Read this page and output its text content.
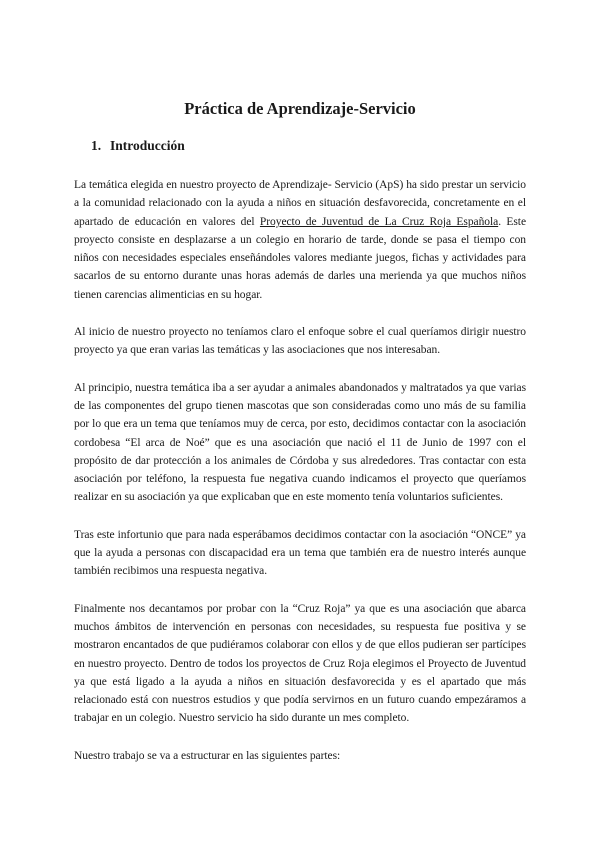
Práctica de Aprendizaje-Servicio
1. Introducción

La temática elegida en nuestro proyecto de Aprendizaje- Servicio (ApS) ha sido prestar un servicio a la comunidad relacionado con la ayuda a niños en situación desfavorecida, concretamente en el apartado de educación en valores del Proyecto de Juventud de La Cruz Roja Española. Este proyecto consiste en desplazarse a un colegio en horario de tarde, donde se pasa el tiempo con niños con necesidades especiales enseñándoles valores mediante juegos, fichas y actividades para sacarlos de su entorno durante unas horas además de darles una merienda ya que muchos niños tienen carencias alimenticias en su hogar.

Al inicio de nuestro proyecto no teníamos claro el enfoque sobre el cual queríamos dirigir nuestro proyecto ya que eran varias las temáticas y las asociaciones que nos interesaban.

Al principio, nuestra temática iba a ser ayudar a animales abandonados y maltratados ya que varias de las componentes del grupo tienen mascotas que son consideradas como uno más de su familia por lo que era un tema que teníamos muy de cerca, por esto, decidimos contactar con la asociación cordobesa “El arca de Noé” que es una asociación que nació el 11 de Junio de 1997 con el propósito de dar protección a los animales de Córdoba y sus alrededores. Tras contactar con esta asociación por teléfono, la respuesta fue negativa cuando indicamos el proyecto que queríamos realizar en su asociación ya que explicaban que en este momento tenía voluntarios suficientes.

Tras este infortunio que para nada esperábamos decidimos contactar con la asociación “ONCE” ya que la ayuda a personas con discapacidad era un tema que también era de nuestro interés aunque también recibimos una respuesta negativa.

Finalmente nos decantamos por probar con la “Cruz Roja” ya que es una asociación que abarca muchos ámbitos de intervención en personas con necesidades, su respuesta fue positiva y se mostraron encantados de que pudiéramos colaborar con ellos y de que ellos pudieran ser partícipes en nuestro proyecto. Dentro de todos los proyectos de Cruz Roja elegimos el Proyecto de Juventud ya que está ligado a la ayuda a niños en situación desfavorecida y es el apartado que más relacionado está con nuestros estudios y que podía servirnos en un futuro cuando empezáramos a trabajar en un colegio. Nuestro servicio ha sido durante un mes completo.

Nuestro trabajo se va a estructurar en las siguientes partes:
